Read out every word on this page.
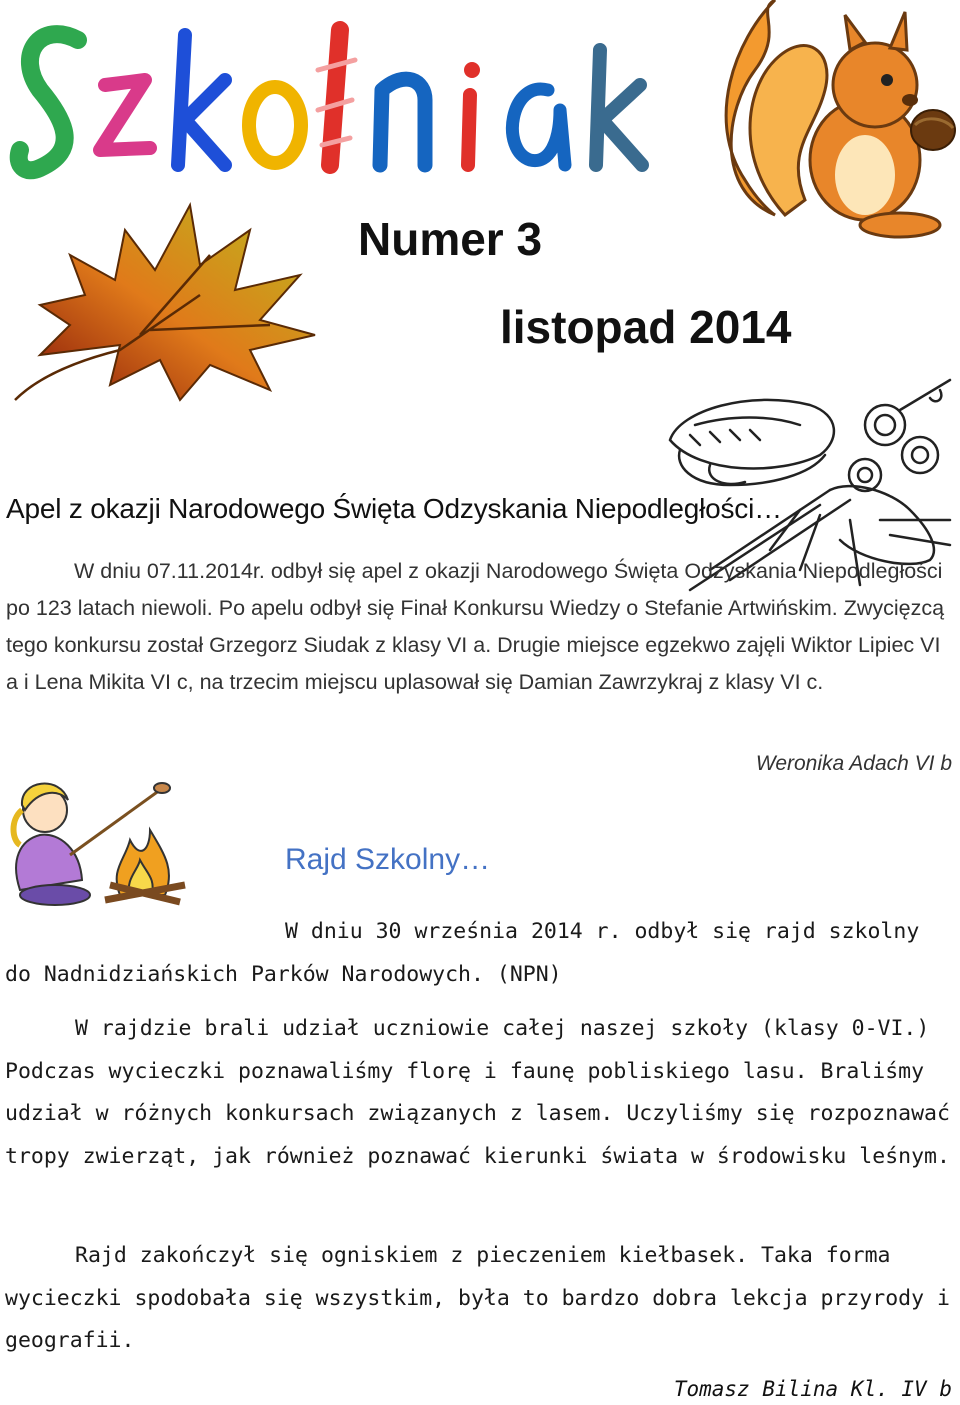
Numer 3
listopad 2014
Apel z okazji Narodowego Święta Odzyskania Niepodległości…

W dniu 07.11.2014r. odbył się apel z okazji Narodowego Święta Odzyskania Niepodległości po 123 latach niewoli. Po apelu odbył się Finał Konkursu Wiedzy o Stefanie Artwińskim. Zwycięzcą tego konkursu został Grzegorz Siudak z klasy VI a. Drugie miejsce egzekwo zajęli Wiktor Lipiec VI a i Lena Mikita VI c, na trzecim miejscu uplasował się Damian Zawrzykraj z klasy VI c.

Weronika Adach VI b
Rajd Szkolny…

W dniu 30 września 2014 r. odbył się rajd szkolny do Nadnidziańskich Parków Narodowych. (NPN)

W rajdzie brali udział uczniowie całej naszej szkoły (klasy 0-VI.) Podczas wycieczki poznawaliśmy florę i faunę pobliskiego lasu. Braliśmy udział w różnych konkursach związanych z lasem. Uczyliśmy się rozpoznawać tropy zwierząt, jak również poznawać kierunki świata w środowisku leśnym.

Rajd zakończył się ogniskiem z pieczeniem kiełbasek. Taka forma wycieczki spodobała się wszystkim, była to bardzo dobra lekcja przyrody i geografii.

Tomasz Bilina Kl. IV b
